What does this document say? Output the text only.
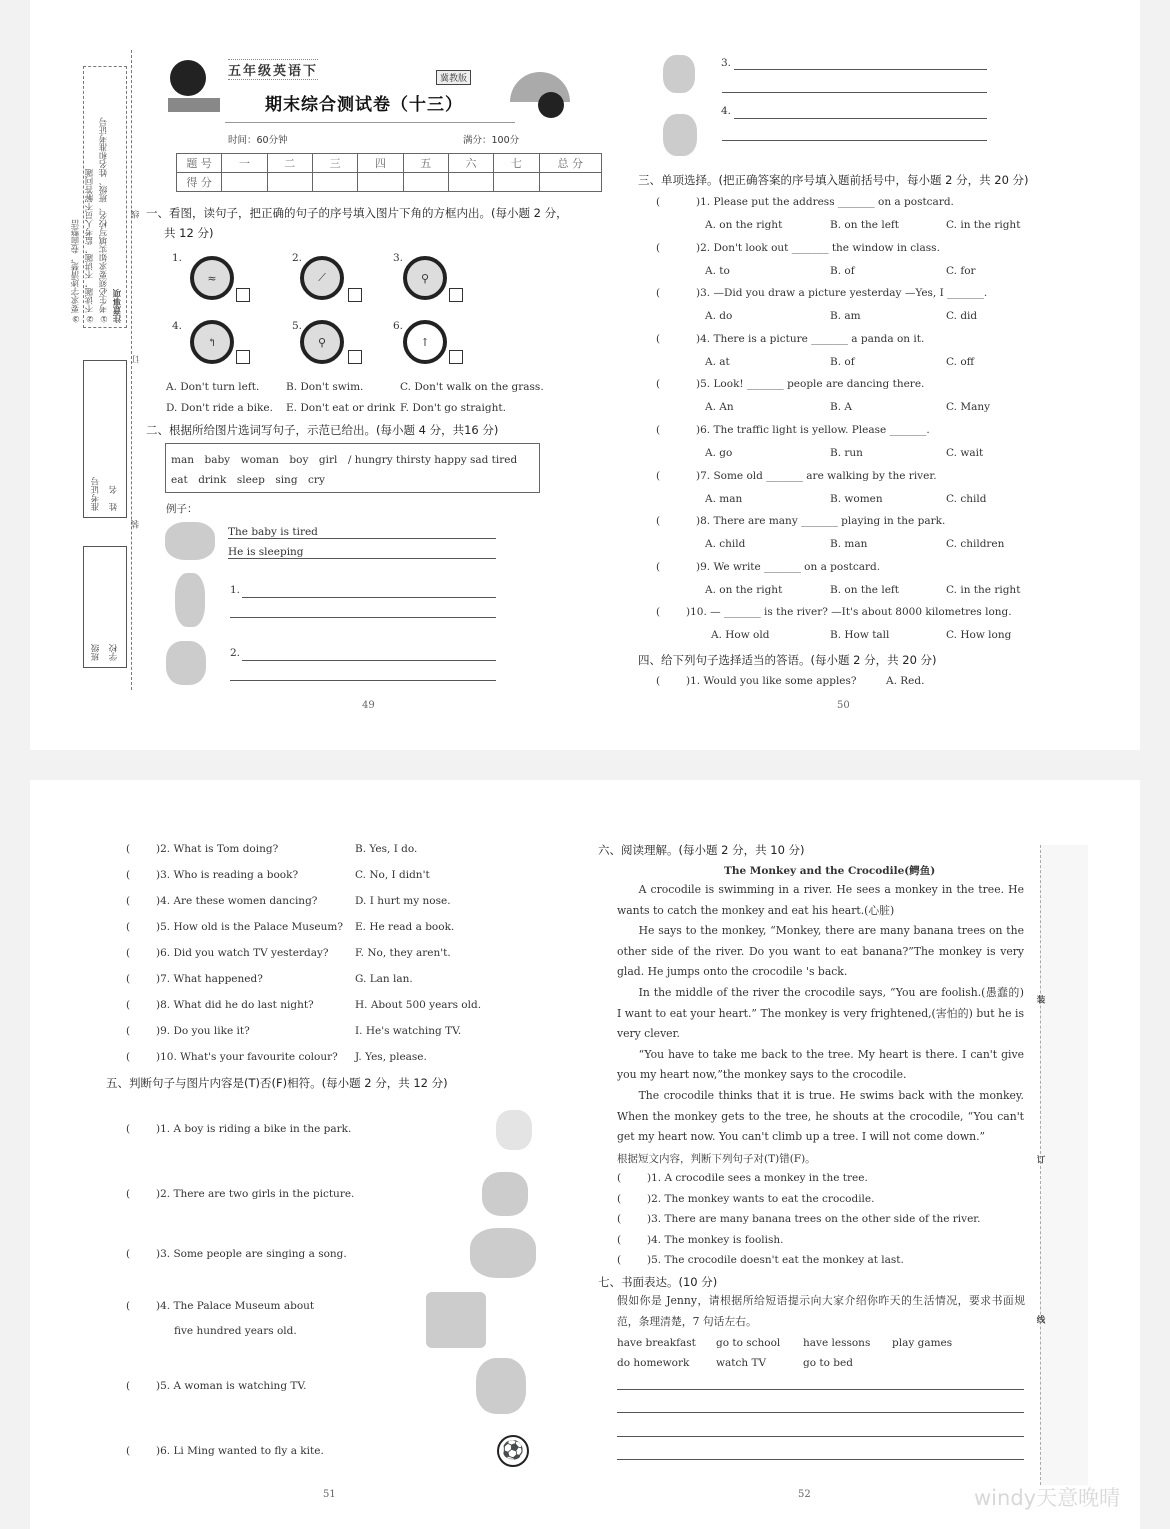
注意事项
①考生必须要求如实填写校名、班级、姓名和准考证号
②不读题，不讲题，监考人员不解答问题
③要求字迹清楚，卷面整洁
线
订
装
姓　名
准考证号
学校
班级
五年级英语下	冀教版
期末综合测试卷（十三）
时间：60分钟	满分：100分
题 号	一	二	三	四	五	六	七	总 分
得 分								
一、看图，读句子，把正确的句子的序号填入图片下角的方框内出。(每小题 2 分，
共 12 分)
1.
≈
2.
⟋
3.
⚲
4.
↰
5.
⚲
6.
↑
A. Don't turn left.	B. Don't swim.	C. Don't walk on the grass.
D. Don't ride a bike. E. Don't eat or drink F. Don't go straight.
二、根据所给图片选词写句子，示范已给出。(每小题 4 分，共16 分)
man　baby　woman　boy　girl　/ hungry thirsty happy sad tired
eat　drink　sleep　sing　cry
例子：
The baby is tired
He is sleeping
1.
2.
49
3.
4.
三、单项选择。(把正确答案的序号填入题前括号中，每小题 2 分，共 20 分)
(	)1. Please put the address _______ on a postcard.
A. on the right	B. on the left	C. in the right
(	)2. Don't look out _______ the window in class.
A. to	B. of	C. for
(	)3. —Did you draw a picture yesterday —Yes, I _______.
A. do	B. am	C. did
(	)4. There is a picture _______ a panda on it.
A. at	B. of	C. off
(	)5. Look! _______ people are dancing there.
A. An	B. A	C. Many
(	)6. The traffic light is yellow. Please _______.
A. go	B. run	C. wait
(	)7. Some old _______ are walking by the river.
A. man	B. women	C. child
(	)8. There are many _______ playing in the park.
A. child	B. man	C. children
(	)9. We write _______ on a postcard.
A. on the right	B. on the left	C. in the right
( )10. — _______ is the river? —It's about 8000 kilometres long.
A. How old	B. How tall	C. How long
四、给下列句子选择适当的答语。(每小题 2 分，共 20 分)
( )1. Would you like some apples?	A. Red.
50
( )2. What is Tom doing?	B. Yes, I do.
( )3. Who is reading a book?	C. No, I didn't
( )4. Are these women dancing?	D. I hurt my nose.
( )5. How old is the Palace Museum? E. He read a book.
( )6. Did you watch TV yesterday?	F. No, they aren't.
( )7. What happened?	G. Lan lan.
( )8. What did he do last night?	H. About 500 years old.
( )9. Do you like it?	I. He's watching TV.
( )10. What's your favourite colour? J. Yes, please.
五、判断句子与图片内容是(T)否(F)相符。(每小题 2 分，共 12 分)
( )1. A boy is riding a bike in the park.
( )2. There are two girls in the picture.
( )3. Some people are singing a song.
( )4. The Palace Museum about
( )5. A woman is watching TV.
( )6. Li Ming wanted to fly a kite.
five hundred years old.
⚽
51
六、阅读理解。(每小题 2 分，共 10 分)
The Monkey and the Crocodile(鳄鱼)

A crocodile is swimming in a river. He sees a monkey in the tree. He wants to catch the monkey and eat his heart.(心脏)

He says to the monkey, “Monkey, there are many banana trees on the other side of the river. Do you want to eat banana?”The monkey is very glad. He jumps onto the crocodile 's back.

In the middle of the river the crocodile says, “You are foolish.(愚蠢的) I want to eat your heart.” The monkey is very frightened,(害怕的) but he is very clever.

“You have to take me back to the tree. My heart is there. I can't give you my heart now,”the monkey says to the crocodile.

The crocodile thinks that it is true. He swims back with the monkey. When the monkey gets to the tree, he shouts at the crocodile, “You can't get my heart now. You can't climb up a tree. I will not come down.”

根据短文内容，判断下列句子对(T)错(F)。
( )1. A crocodile sees a monkey in the tree.
( )2. The monkey wants to eat the crocodile.
( )3. There are many banana trees on the other side of the river.
( )4. The monkey is foolish.
( )5. The crocodile doesn't eat the monkey at last.
七、书面表达。(10 分)
假如你是 Jenny，请根据所给短语提示向大家介绍你昨天的生活情况，要求书面规范，条理清楚，7 句话左右。
have breakfast go to school have lessons play games
do homework	watch TV	go to bed
52
装
订
线
windy天意晚晴
